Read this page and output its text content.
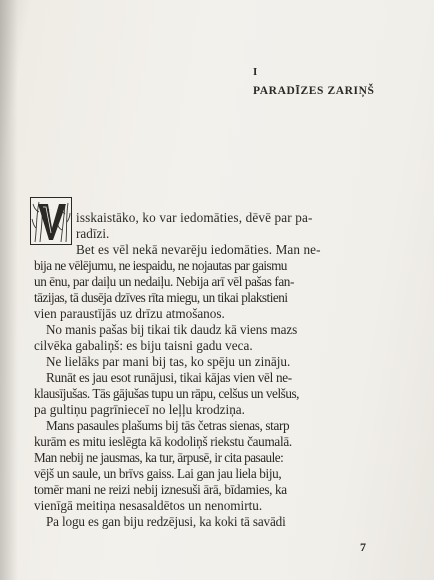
I
PARADĪZES ZARIŅŠ
isskaistāko, ko var iedomāties, dēvē par pa-
radīzi.
Bet es vēl nekā nevarēju iedomāties. Man ne-
bija ne vēlējumu, ne iespaidu, ne nojautas par gaismu
un ēnu, par daiļu un nedaiļu. Nebija arī vēl pašas fan-
tāzijas, tā dusēja dzīves rīta miegu, un tikai plakstieni
vien paraustījās uz drīzu atmošanos.
No manis pašas bij tikai tik daudz kā viens mazs
cilvēka gabaliņš: es biju taisni gadu veca.
Ne lielāks par mani bij tas, ko spēju un zināju.
Runāt es jau esot runājusi, tikai kājas vien vēl ne-
klausījušas. Tās gājušas tupu un rāpu, celšus un velšus,
pa gultiņu pagrīnieceī no leļļu krodziņa.
Mans pasaules plašums bij tās četras sienas, starp
kurām es mitu ieslēgta kā kodoliņš riekstu čaumalā.
Man nebij ne jausmas, ka tur, ārpusē, ir cita pasaule:
vējš un saule, un brīvs gaiss. Lai gan jau liela biju,
tomēr mani ne reizi nebij iznesuši ārā, bīdamies, ka
vienīgā meitiņa nesasaldētos un nenomirtu.
Pa logu es gan biju redzējusi, ka koki tā savādi
7
